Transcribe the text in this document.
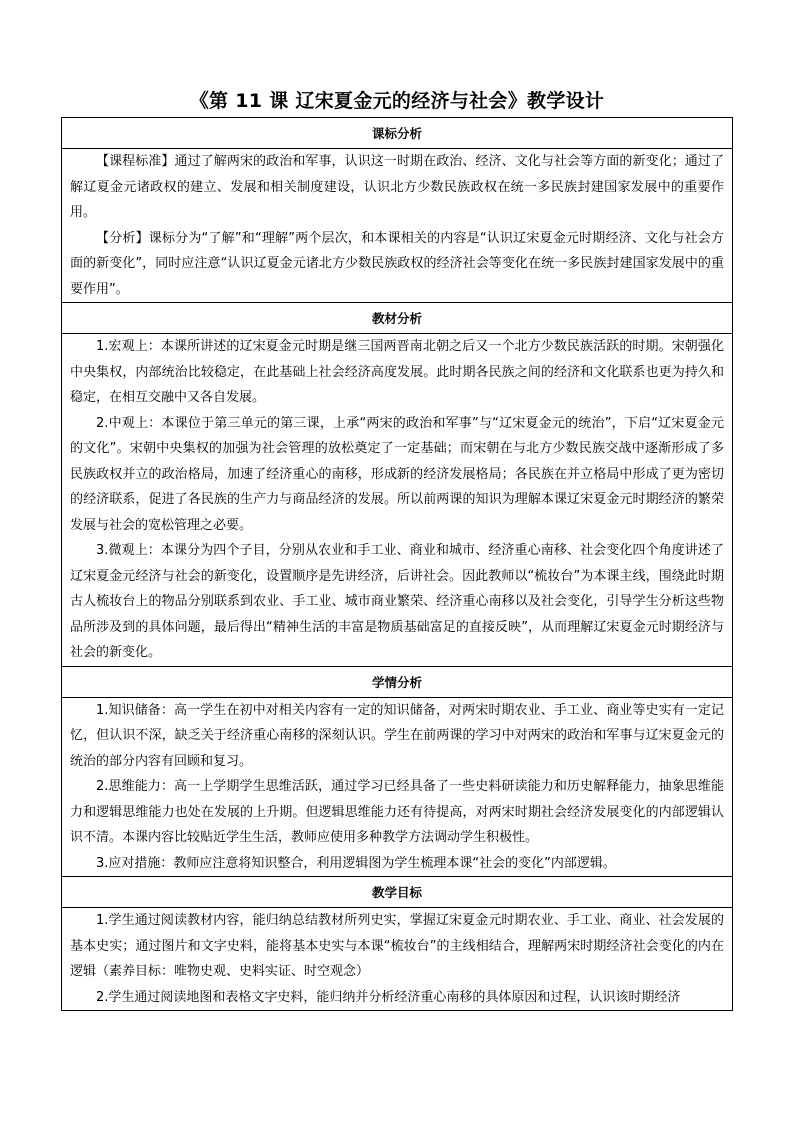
《第 11 课 辽宋夏金元的经济与社会》教学设计
课标分析

【课程标准】通过了解两宋的政治和军事，认识这一时期在政治、经济、文化与社会等方面的新变化；通过了解辽夏金元诸政权的建立、发展和相关制度建设，认识北方少数民族政权在统一多民族封建国家发展中的重要作用。

【分析】课标分为“了解”和“理解”两个层次，和本课相关的内容是“认识辽宋夏金元时期经济、文化与社会方面的新变化”，同时应注意“认识辽夏金元诸北方少数民族政权的经济社会等变化在统一多民族封建国家发展中的重要作用”。

教材分析

1.宏观上：本课所讲述的辽宋夏金元时期是继三国两晋南北朝之后又一个北方少数民族活跃的时期。宋朝强化中央集权，内部统治比较稳定，在此基础上社会经济高度发展。此时期各民族之间的经济和文化联系也更为持久和稳定，在相互交融中又各自发展。

2.中观上：本课位于第三单元的第三课，上承“两宋的政治和军事”与“辽宋夏金元的统治”，下启“辽宋夏金元的文化”。宋朝中央集权的加强为社会管理的放松奠定了一定基础；而宋朝在与北方少数民族交战中逐渐形成了多民族政权并立的政治格局，加速了经济重心的南移，形成新的经济发展格局；各民族在并立格局中形成了更为密切的经济联系，促进了各民族的生产力与商品经济的发展。所以前两课的知识为理解本课辽宋夏金元时期经济的繁荣发展与社会的宽松管理之必要。

3.微观上：本课分为四个子目，分别从农业和手工业、商业和城市、经济重心南移、社会变化四个角度讲述了辽宋夏金元经济与社会的新变化，设置顺序是先讲经济，后讲社会。因此教师以“梳妆台”为本课主线，围绕此时期古人梳妆台上的物品分别联系到农业、手工业、城市商业繁荣、经济重心南移以及社会变化，引导学生分析这些物品所涉及到的具体问题，最后得出“精神生活的丰富是物质基础富足的直接反映”，从而理解辽宋夏金元时期经济与社会的新变化。

学情分析

1.知识储备：高一学生在初中对相关内容有一定的知识储备，对两宋时期农业、手工业、商业等史实有一定记忆，但认识不深，缺乏关于经济重心南移的深刻认识。学生在前两课的学习中对两宋的政治和军事与辽宋夏金元的统治的部分内容有回顾和复习。

2.思维能力：高一上学期学生思维活跃，通过学习已经具备了一些史料研读能力和历史解释能力，抽象思维能力和逻辑思维能力也处在发展的上升期。但逻辑思维能力还有待提高，对两宋时期社会经济发展变化的内部逻辑认识不清。本课内容比较贴近学生生活，教师应使用多种教学方法调动学生积极性。

3.应对措施：教师应注意将知识整合，利用逻辑图为学生梳理本课“社会的变化”内部逻辑。

教学目标

1.学生通过阅读教材内容，能归纳总结教材所列史实，掌握辽宋夏金元时期农业、手工业、商业、社会发展的基本史实；通过图片和文字史料，能将基本史实与本课“梳妆台”的主线相结合，理解两宋时期经济社会变化的内在逻辑（素养目标：唯物史观、史料实证、时空观念）

2.学生通过阅读地图和表格文字史料，能归纳并分析经济重心南移的具体原因和过程，认识该时期经济
